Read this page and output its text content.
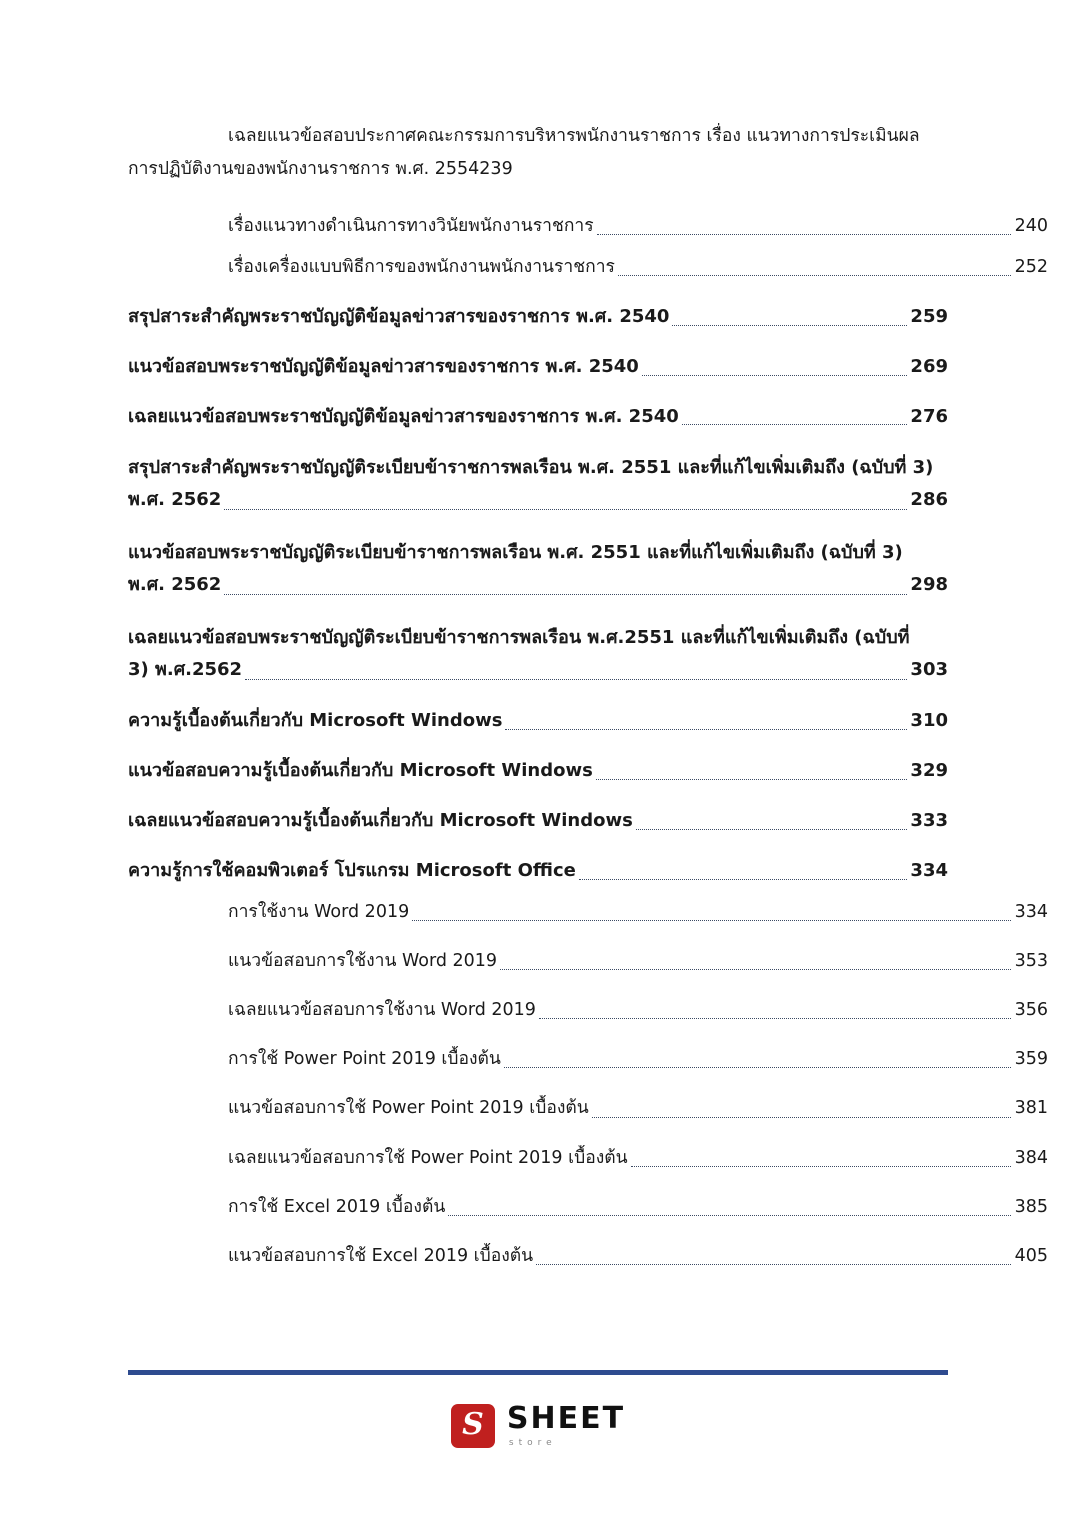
เฉลยแนวข้อสอบประกาศคณะกรรมการบริหารพนักงานราชการ เรื่อง แนวทางการประเมินผล
การปฏิบัติงานของพนักงานราชการ พ.ศ. 2554 239
เรื่องแนวทางดำเนินการทางวินัยพนักงานราชการ	240
เรื่องเครื่องแบบพิธีการของพนักงานพนักงานราชการ	252
สรุปสาระสำคัญพระราชบัญญัติข้อมูลข่าวสารของราชการ พ.ศ. 2540	259
แนวข้อสอบพระราชบัญญัติข้อมูลข่าวสารของราชการ พ.ศ. 2540	269
เฉลยแนวข้อสอบพระราชบัญญัติข้อมูลข่าวสารของราชการ พ.ศ. 2540	276
สรุปสาระสำคัญพระราชบัญญัติระเบียบข้าราชการพลเรือน พ.ศ. 2551 และที่แก้ไขเพิ่มเติมถึง (ฉบับที่ 3)
พ.ศ. 2562	286
แนวข้อสอบพระราชบัญญัติระเบียบข้าราชการพลเรือน พ.ศ. 2551 และที่แก้ไขเพิ่มเติมถึง (ฉบับที่ 3)
พ.ศ. 2562	298
เฉลยแนวข้อสอบพระราชบัญญัติระเบียบข้าราชการพลเรือน พ.ศ.2551 และที่แก้ไขเพิ่มเติมถึง (ฉบับที่
3) พ.ศ.2562	303
ความรู้เบื้องต้นเกี่ยวกับ Microsoft Windows	310
แนวข้อสอบความรู้เบื้องต้นเกี่ยวกับ Microsoft Windows	329
เฉลยแนวข้อสอบความรู้เบื้องต้นเกี่ยวกับ Microsoft Windows	333
ความรู้การใช้คอมพิวเตอร์ โปรแกรม Microsoft Office	334
การใช้งาน Word 2019	334
แนวข้อสอบการใช้งาน Word 2019	353
เฉลยแนวข้อสอบการใช้งาน Word 2019	356
การใช้ Power Point 2019 เบื้องต้น	359
แนวข้อสอบการใช้ Power Point 2019 เบื้องต้น	381
เฉลยแนวข้อสอบการใช้ Power Point 2019 เบื้องต้น	384
การใช้ Excel 2019 เบื้องต้น	385
แนวข้อสอบการใช้ Excel 2019 เบื้องต้น	405
S SHEET
store
